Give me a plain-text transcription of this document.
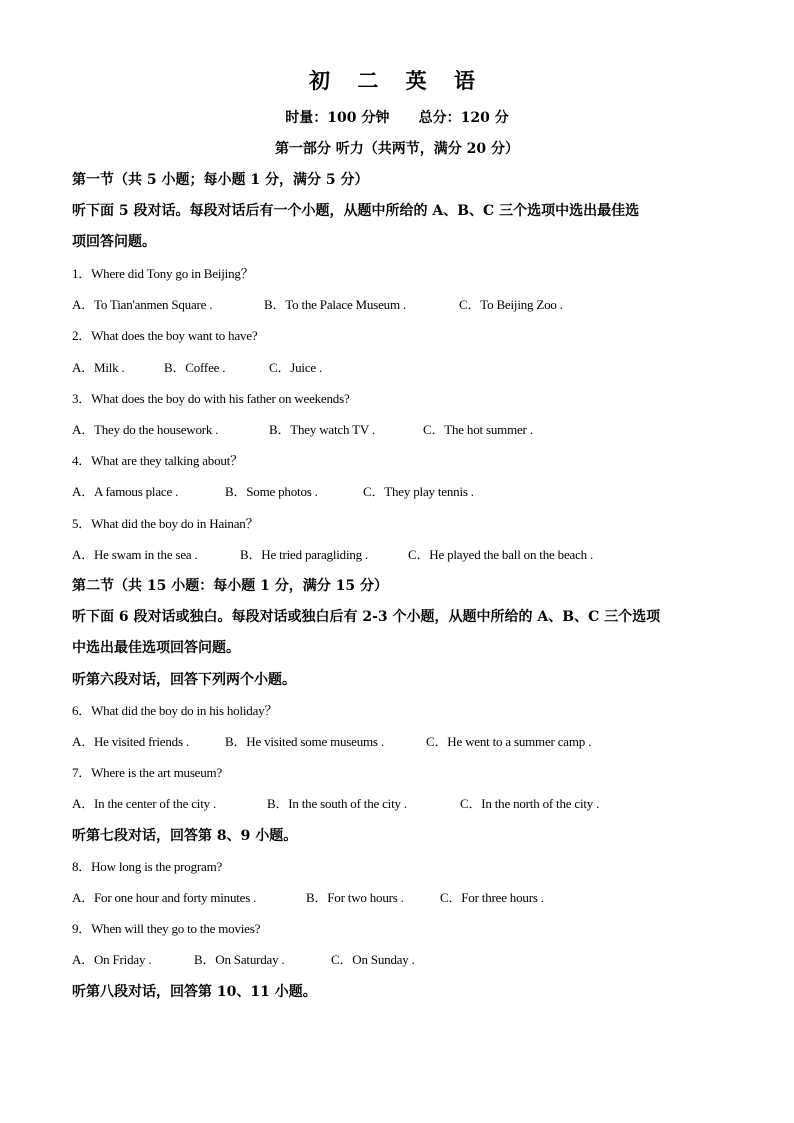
初 二 英 语
时量：100 分钟      总分：120 分
第一部分 听力（共两节，满分 20 分）
第一节（共 5 小题；每小题 1 分，满分 5 分）
听下面 5 段对话。每段对话后有一个小题，从题中所给的 A、B、C 三个选项中选出最佳选
项回答问题。
1．Where did Tony go in Beijing？
A．To Tian'anmen Square .	B．To the Palace Museum .	C．To Beijing Zoo .
2．What does the boy want to have?
A．Milk .	B．Coffee .	C．Juice .
3．What does the boy do with his father on weekends?
A．They do the housework .	B．They watch TV .	C．The hot summer .
4．What are they talking about？
A．A famous place .	B．Some photos .	C．They play tennis .
5．What did the boy do in Hainan？
A．He swam in the sea .	B．He tried paragliding .	C．He played the ball on the beach .
第二节（共 15 小题：每小题 1 分，满分 15 分）
听下面 6 段对话或独白。每段对话或独白后有 2-3 个小题，从题中所给的 A、B、C 三个选项
中选出最佳选项回答问题。
听第六段对话，回答下列两个小题。
6．What did the boy do in his holiday？
A．He visited friends .	B．He visited some museums .	C．He went to a summer camp .
7．Where is the art museum?
A．In the center of the city .	B．In the south of the city .	C．In the north of the city .
听第七段对话，回答第 8、9 小题。
8．How long is the program?
A．For one hour and forty minutes .	B．For two hours .	C．For three hours .
9．When will they go to the movies?
A．On Friday .	B．On Saturday .	C．On Sunday .
听第八段对话，回答第 10、11 小题。
